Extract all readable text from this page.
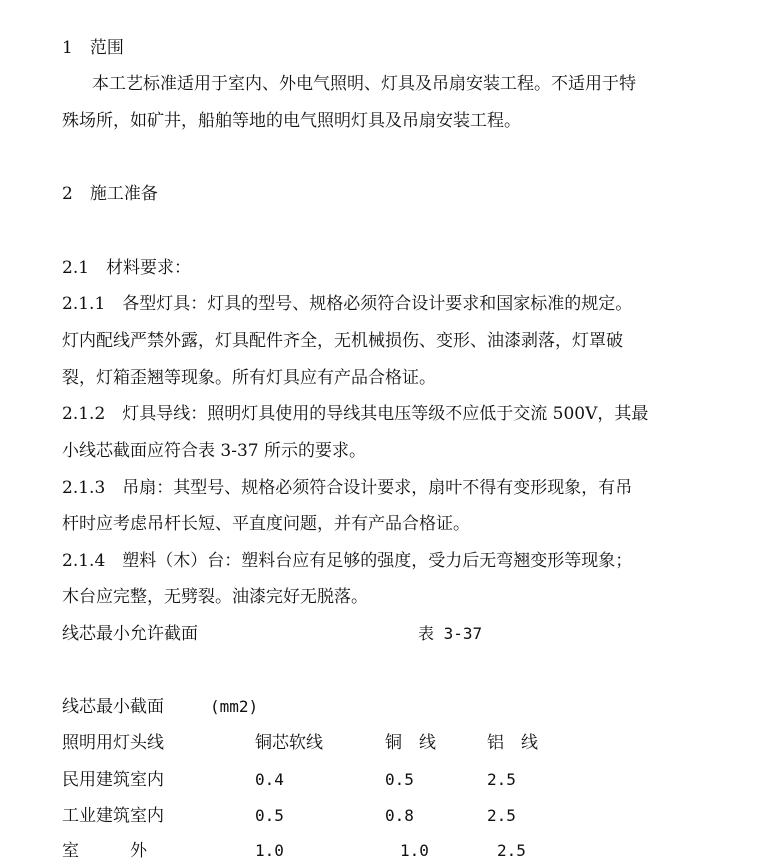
1　范围
本工艺标准适用于室内、外电气照明、灯具及吊扇安装工程。不适用于特
殊场所，如矿井，船舶等地的电气照明灯具及吊扇安装工程。
2　施工准备
2.1　材料要求：
2.1.1　各型灯具：灯具的型号、规格必须符合设计要求和国家标准的规定。
灯内配线严禁外露，灯具配件齐全，无机械损伤、变形、油漆剥落，灯罩破
裂，灯箱歪翘等现象。所有灯具应有产品合格证。
2.1.2　灯具导线：照明灯具使用的导线其电压等级不应低于交流 500V，其最
小线芯截面应符合表 3-37 所示的要求。
2.1.3　吊扇：其型号、规格必须符合设计要求，扇叶不得有变形现象，有吊
杆时应考虑吊杆长短、平直度问题，并有产品合格证。
2.1.4　塑料（木）台：塑料台应有足够的强度，受力后无弯翘变形等现象；
木台应完整，无劈裂。油漆完好无脱落。
线芯最小允许截面	表 3-37
线芯最小截面	(mm2)
照明用灯头线	铜芯软线	铜　线	铝　线
民用建筑室内	0.4	0.5	2.5
工业建筑室内	0.5	0.8	2.5
室　　　外	1.0	1.0	2.5
